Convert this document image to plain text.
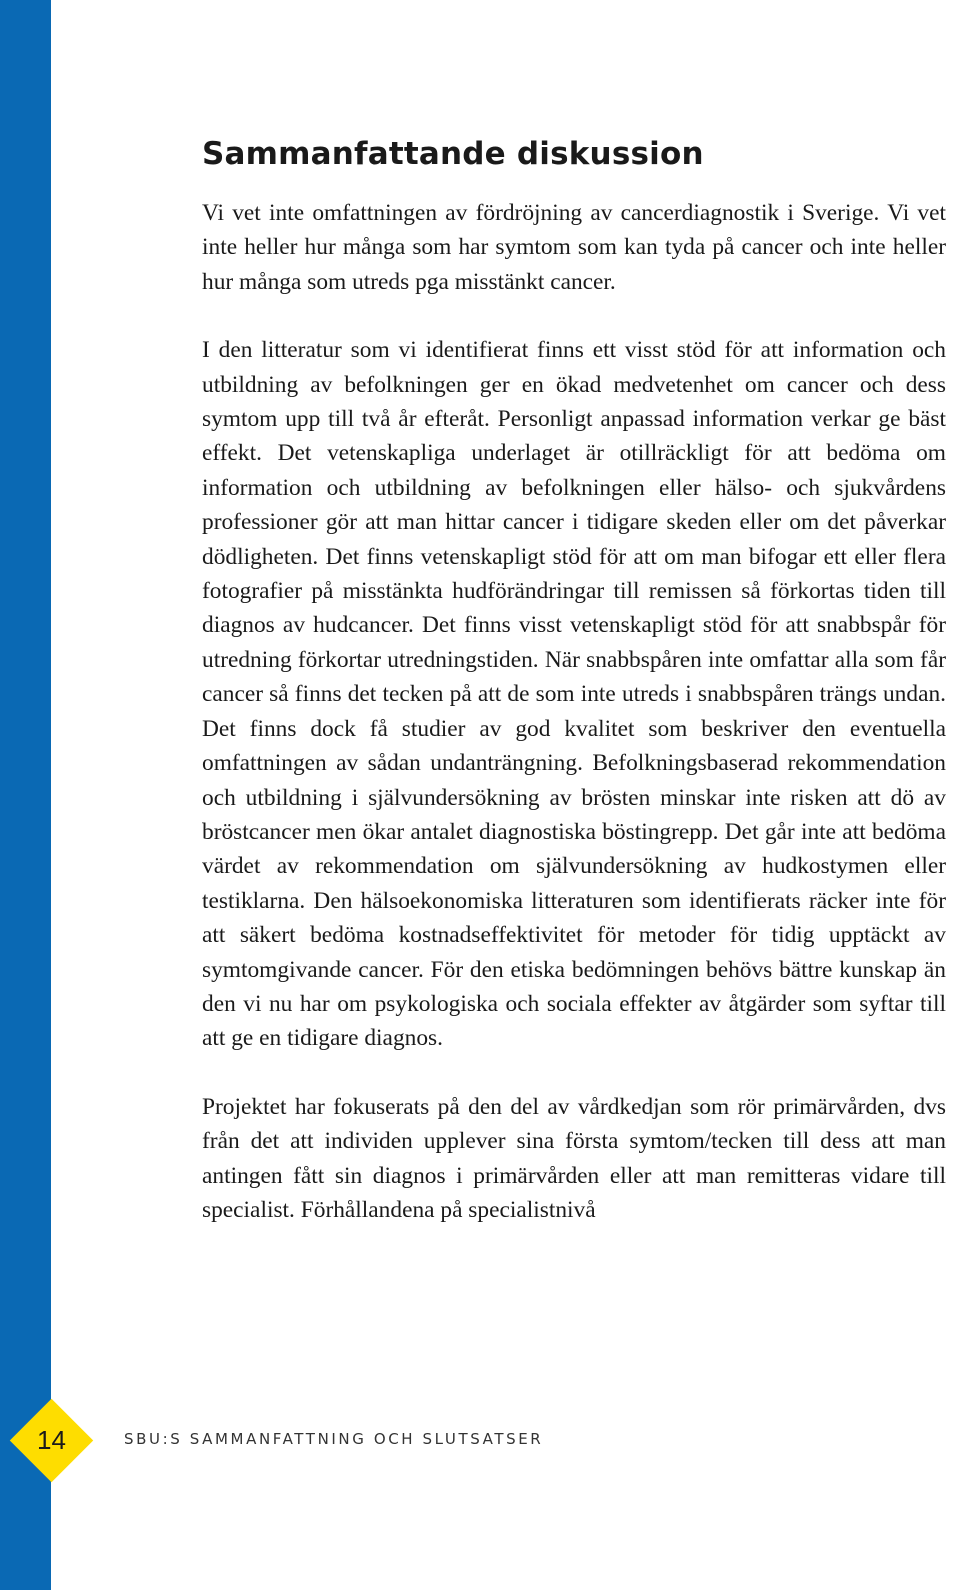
Sammanfattande diskussion

Vi vet inte omfattningen av fördröjning av cancerdiagnostik i Sverige. Vi vet inte heller hur många som har symtom som kan tyda på cancer och inte heller hur många som utreds pga misstänkt cancer.

I den litteratur som vi identifierat finns ett visst stöd för att information och utbildning av befolkningen ger en ökad medvetenhet om cancer och dess symtom upp till två år efteråt. Personligt anpassad information verkar ge bäst effekt. Det vetenskapliga underlaget är otillräckligt för att bedöma om information och utbildning av befolkningen eller hälso- och sjukvårdens professioner gör att man hittar cancer i tidigare skeden eller om det påverkar dödligheten. Det finns vetenskapligt stöd för att om man bifogar ett eller flera fotografier på misstänkta hudförändringar till remissen så förkortas tiden till diagnos av hudcancer. Det finns visst vetenskapligt stöd för att snabbspår för utredning förkortar utredningstiden. När snabbspåren inte omfattar alla som får cancer så finns det tecken på att de som inte utreds i snabbspåren trängs undan. Det finns dock få studier av god kvalitet som beskriver den eventuella omfattningen av sådan undanträngning. Befolkningsbaserad rekommendation och utbildning i självundersökning av brösten minskar inte risken att dö av bröstcancer men ökar antalet diagnostiska böstingrepp. Det går inte att bedöma värdet av rekommendation om självundersökning av hudkostymen eller testiklarna. Den hälsoekonomiska litteraturen som identifierats räcker inte för att säkert bedöma kostnadseffektivitet för metoder för tidig upptäckt av symtomgivande cancer. För den etiska bedömningen behövs bättre kunskap än den vi nu har om psykologiska och sociala effekter av åtgärder som syftar till att ge en tidigare diagnos.

Projektet har fokuserats på den del av vårdkedjan som rör primärvården, dvs från det att individen upplever sina första symtom/tecken till dess att man antingen fått sin diagnos i primärvården eller att man remitteras vidare till specialist. Förhållandena på specialistnivå

14	SBU:S SAMMANFATTNING OCH SLUTSATSER
